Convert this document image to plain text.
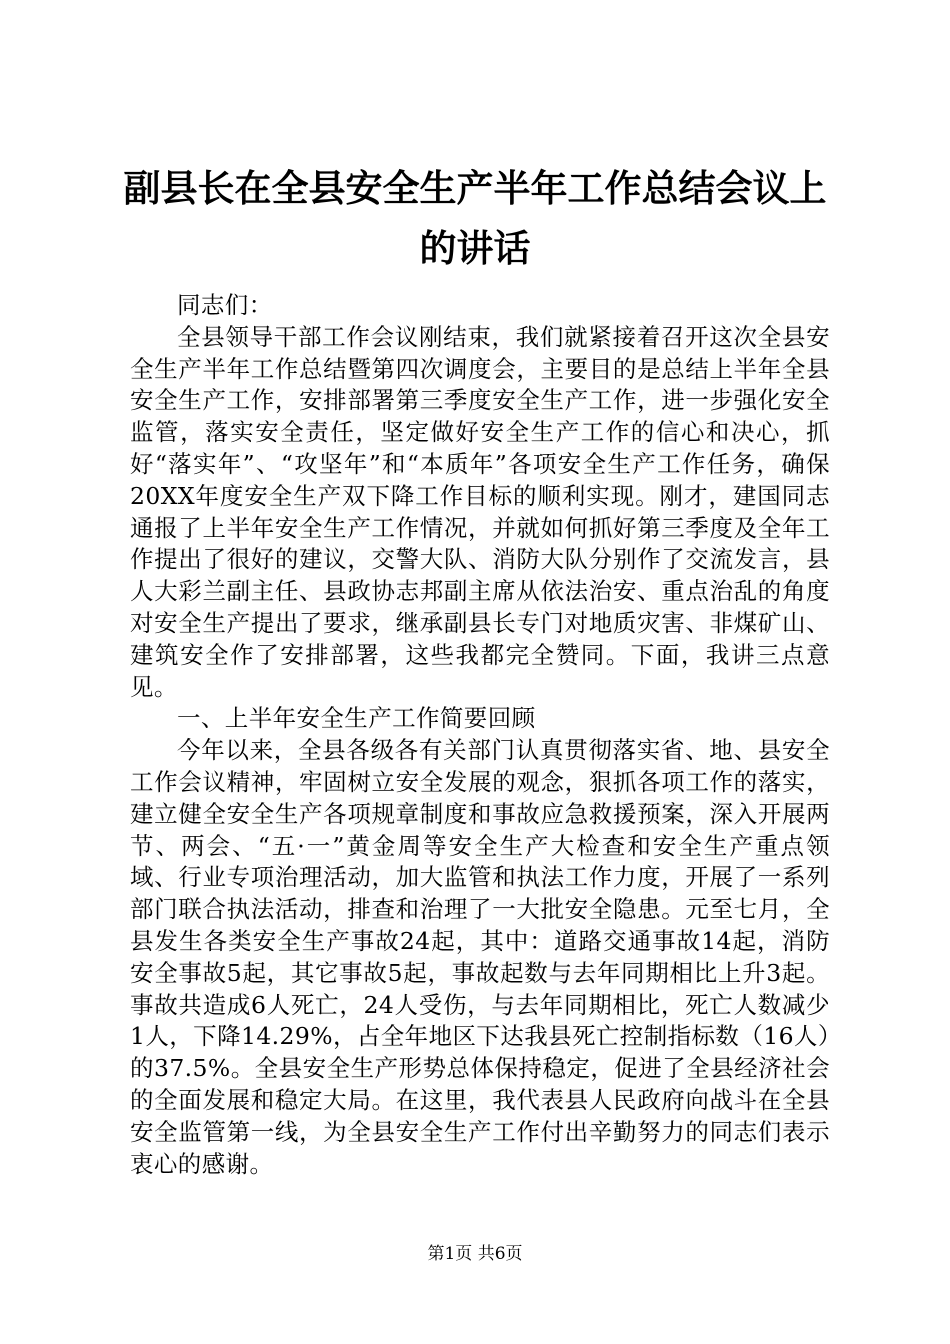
副县长在全县安全生产半年工作总结会议上的讲话

同志们：

全县领导干部工作会议刚结束，我们就紧接着召开这次全县安全生产半年工作总结暨第四次调度会，主要目的是总结上半年全县安全生产工作，安排部署第三季度安全生产工作，进一步强化安全监管，落实安全责任，坚定做好安全生产工作的信心和决心，抓好“落实年”、“攻坚年”和“本质年”各项安全生产工作任务，确保20XX年度安全生产双下降工作目标的顺利实现。刚才，建国同志通报了上半年安全生产工作情况，并就如何抓好第三季度及全年工作提出了很好的建议，交警大队、消防大队分别作了交流发言，县人大彩兰副主任、县政协志邦副主席从依法治安、重点治乱的角度对安全生产提出了要求，继承副县长专门对地质灾害、非煤矿山、建筑安全作了安排部署，这些我都完全赞同。下面，我讲三点意见。

一、上半年安全生产工作简要回顾

今年以来，全县各级各有关部门认真贯彻落实省、地、县安全工作会议精神，牢固树立安全发展的观念，狠抓各项工作的落实，建立健全安全生产各项规章制度和事故应急救援预案，深入开展两节、两会、“五·一”黄金周等安全生产大检查和安全生产重点领域、行业专项治理活动，加大监管和执法工作力度，开展了一系列部门联合执法活动，排查和治理了一大批安全隐患。元至七月，全县发生各类安全生产事故24起，其中：道路交通事故14起，消防安全事故5起，其它事故5起，事故起数与去年同期相比上升3起。事故共造成6人死亡，24人受伤，与去年同期相比，死亡人数减少1人，下降14.29%，占全年地区下达我县死亡控制指标数（16人）的37.5%。全县安全生产形势总体保持稳定，促进了全县经济社会的全面发展和稳定大局。在这里，我代表县人民政府向战斗在全县安全监管第一线，为全县安全生产工作付出辛勤努力的同志们表示衷心的感谢。

第1页 共6页
